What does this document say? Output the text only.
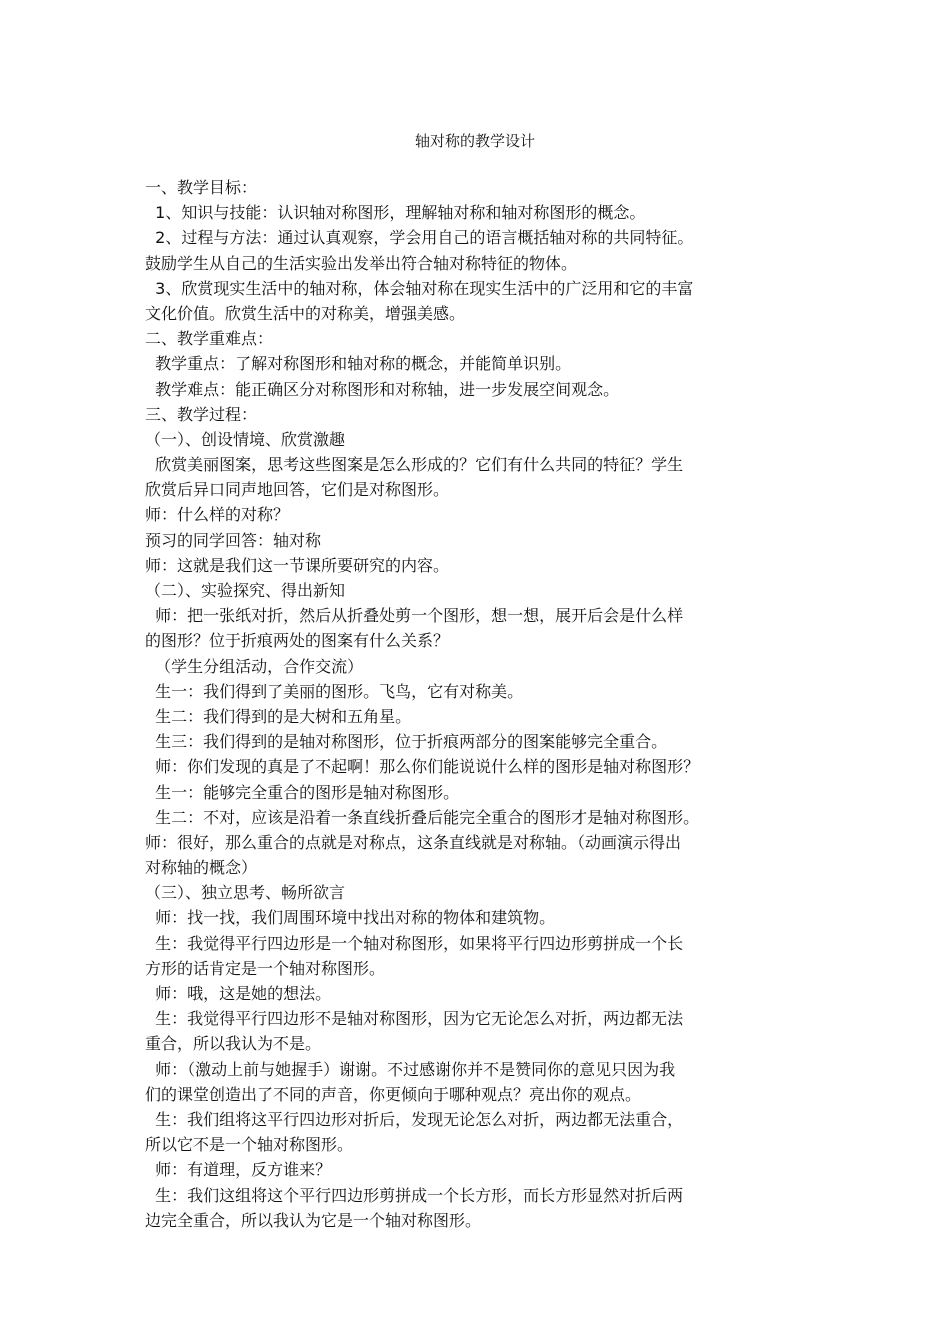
轴对称的教学设计
一、教学目标：
1、知识与技能：认识轴对称图形，理解轴对称和轴对称图形的概念。
2、过程与方法：通过认真观察，学会用自己的语言概括轴对称的共同特征。
鼓励学生从自己的生活实验出发举出符合轴对称特征的物体。
3、欣赏现实生活中的轴对称，体会轴对称在现实生活中的广泛用和它的丰富
文化价值。欣赏生活中的对称美，增强美感。
二、教学重难点：
教学重点：了解对称图形和轴对称的概念，并能简单识别。
教学难点：能正确区分对称图形和对称轴，进一步发展空间观念。
三、教学过程：
（一）、创设情境、欣赏激趣
欣赏美丽图案，思考这些图案是怎么形成的？它们有什么共同的特征？学生
欣赏后异口同声地回答，它们是对称图形。
师：什么样的对称？
预习的同学回答：轴对称
师：这就是我们这一节课所要研究的内容。
（二）、实验探究、得出新知
师：把一张纸对折，然后从折叠处剪一个图形，想一想，展开后会是什么样
的图形？位于折痕两处的图案有什么关系？
（学生分组活动，合作交流）
生一：我们得到了美丽的图形。飞鸟，它有对称美。
生二：我们得到的是大树和五角星。
生三：我们得到的是轴对称图形，位于折痕两部分的图案能够完全重合。
师：你们发现的真是了不起啊！那么你们能说说什么样的图形是轴对称图形？
生一：能够完全重合的图形是轴对称图形。
生二：不对，应该是沿着一条直线折叠后能完全重合的图形才是轴对称图形。
师：很好，那么重合的点就是对称点，这条直线就是对称轴。（动画演示得出
对称轴的概念）
（三）、独立思考、畅所欲言
师：找一找，我们周围环境中找出对称的物体和建筑物。
生：我觉得平行四边形是一个轴对称图形，如果将平行四边形剪拼成一个长
方形的话肯定是一个轴对称图形。
师：哦，这是她的想法。
生：我觉得平行四边形不是轴对称图形，因为它无论怎么对折，两边都无法
重合，所以我认为不是。
师：（激动上前与她握手）谢谢。不过感谢你并不是赞同你的意见只因为我
们的课堂创造出了不同的声音，你更倾向于哪种观点？亮出你的观点。
生：我们组将这平行四边形对折后，发现无论怎么对折，两边都无法重合，
所以它不是一个轴对称图形。
师：有道理，反方谁来？
生：我们这组将这个平行四边形剪拼成一个长方形，而长方形显然对折后两
边完全重合，所以我认为它是一个轴对称图形。
